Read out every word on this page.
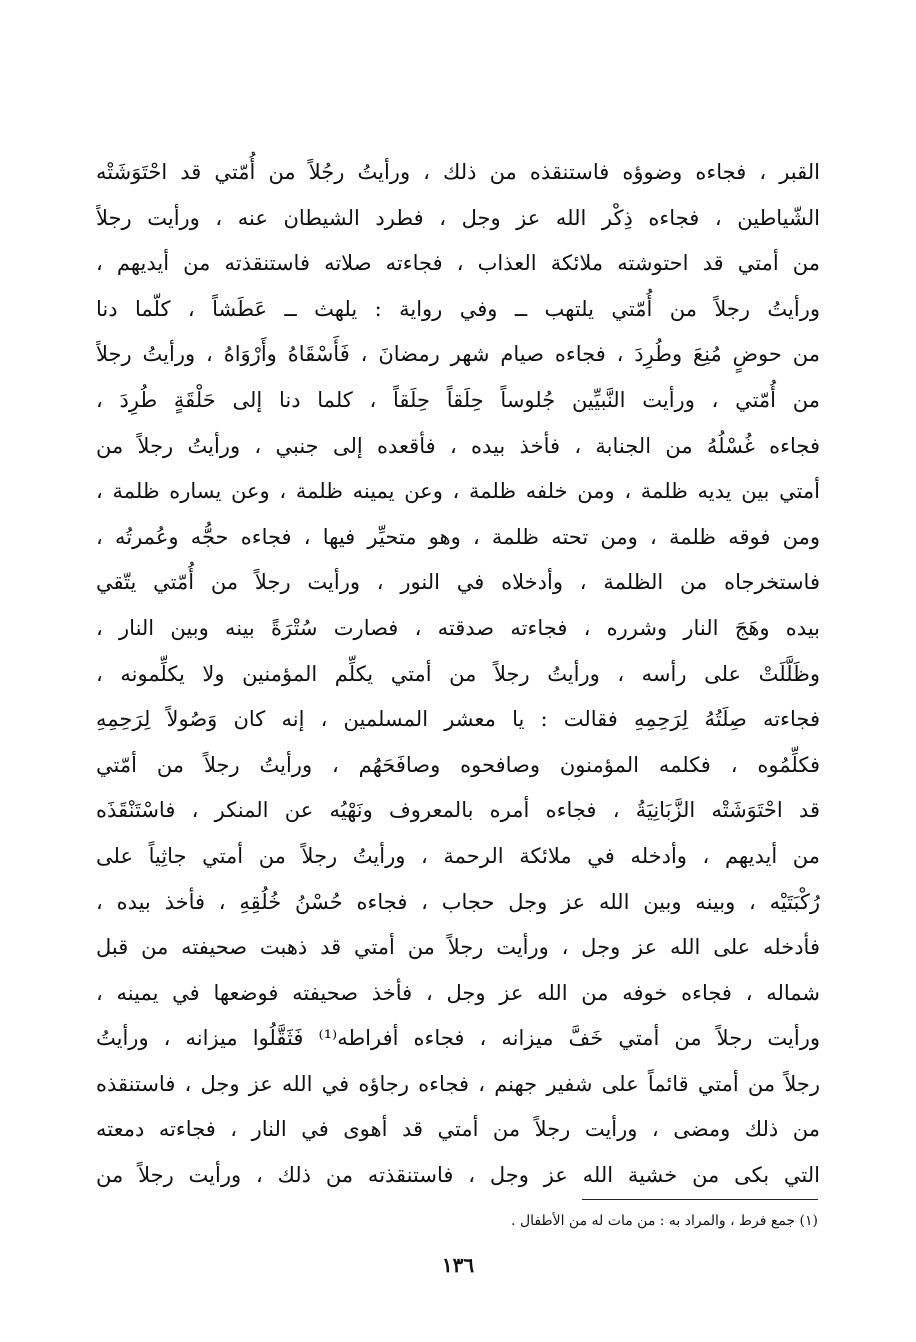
القبر ، فجاءه وضوؤه فاستنقذه من ذلك ، ورأيتُ رجُلاً من أُمّتي قد احْتَوَشَتْه
الشّياطين ، فجاءه ذِكْر الله عز وجل ، فطرد الشيطان عنه ، ورأيت رجلاً
من أمتي قد احتوشته ملائكة العذاب ، فجاءته صلاته فاستنقذته من أيديهم ،
ورأيتُ رجلاً من أُمّتي يلتهب ــ وفي رواية : يلهث ــ عَطَشاً ، كلّما دنا
من حوضٍ مُنِعَ وطُرِدَ ، فجاءه صيام شهر رمضانَ ، فَأَسْقَاهُ وأَرْوَاهُ ، ورأيتُ رجلاً
من أُمّتي ، ورأيت النَّبيِّين جُلوساً حِلَقاً حِلَقاً ، كلما دنا إلى حَلْقَةٍ طُرِدَ ،
فجاءه غُسْلُهُ من الجنابة ، فأخذ بيده ، فأقعده إلى جنبي ، ورأيتُ رجلاً من
أمتي بين يديه ظلمة ، ومن خلفه ظلمة ، وعن يمينه ظلمة ، وعن يساره ظلمة ،
ومن فوقه ظلمة ، ومن تحته ظلمة ، وهو متحيِّر فيها ، فجاءه حجُّه وعُمرتُه ،
فاستخرجاه من الظلمة ، وأدخلاه في النور ، ورأيت رجلاً من أُمّتي يتّقي
بيده وهَجَ النار وشرره ، فجاءته صدقته ، فصارت سُتْرَةً بينه وبين النار ،
وظَلَّلَتْ على رأسه ، ورأيتُ رجلاً من أمتي يكلِّم المؤمنين ولا يكلِّمونه ،
فجاءته صِلَتُهُ لِرَحِمِهِ فقالت : يا معشر المسلمين ، إنه كان وَصُولاً لِرَحِمِهِ
فكلِّمُوه ، فكلمه المؤمنون وصافحوه وصافَحَهُم ، ورأيتُ رجلاً من أمّتي
قد احْتَوَشَتْه الزَّبَانِيَةُ ، فجاءه أمره بالمعروف ونَهْيُه عن المنكر ، فاسْتَنْقَذَه
من أيديهم ، وأدخله في ملائكة الرحمة ، ورأيتُ رجلاً من أمتي جاثِياً على
رُكْبَتَيْه ، وبينه وبين الله عز وجل حجاب ، فجاءه حُسْنُ خُلُقِهِ ، فأخذ بيده ،
فأدخله على الله عز وجل ، ورأيت رجلاً من أمتي قد ذهبت صحيفته من قبل
شماله ، فجاءه خوفه من الله عز وجل ، فأخذ صحيفته فوضعها في يمينه ،
ورأيت رجلاً من أمتي خَفَّ ميزانه ، فجاءه أفراطه⁽¹⁾ فَثَقَّلُوا ميزانه ، ورأيتُ
رجلاً من أمتي قائماً على شفير جهنم ، فجاءه رجاؤه في الله عز وجل ، فاستنقذه
من ذلك ومضى ، ورأيت رجلاً من أمتي قد أهوى في النار ، فجاءته دمعته
التي بكى من خشية الله عز وجل ، فاستنقذته من ذلك ، ورأيت رجلاً من
(١) جمع فرط ، والمراد به : من مات له من الأطفال .
١٣٦
